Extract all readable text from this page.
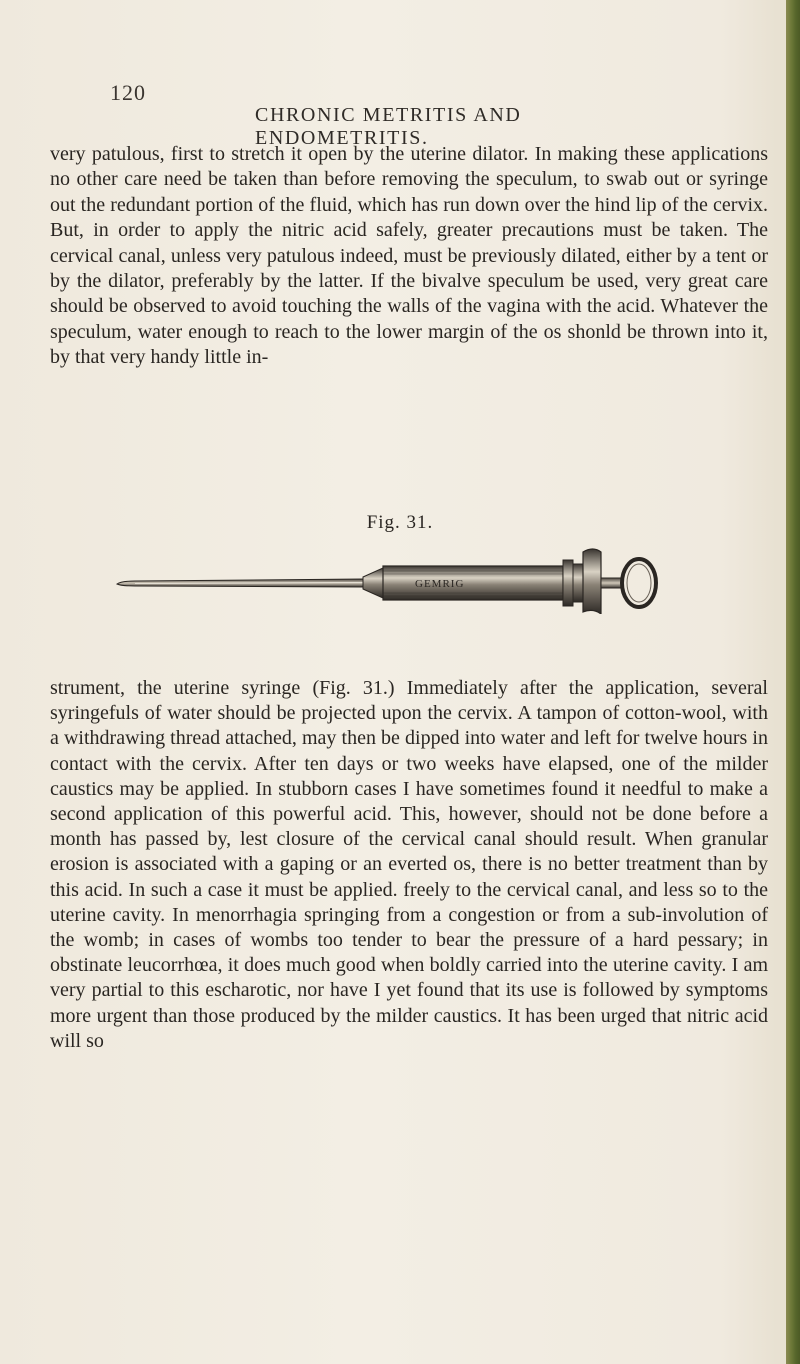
120
CHRONIC METRITIS AND ENDOMETRITIS.
very patulous, first to stretch it open by the uterine dilator. In making these applications no other care need be taken than before removing the speculum, to swab out or syringe out the redundant portion of the fluid, which has run down over the hind lip of the cervix. But, in order to apply the nitric acid safely, greater precautions must be taken. The cervical canal, unless very patulous indeed, must be previously dilated, either by a tent or by the dilator, preferably by the latter. If the bivalve speculum be used, very great care should be observed to avoid touching the walls of the vagina with the acid. Whatever the speculum, water enough to reach to the lower margin of the os shonld be thrown into it, by that very handy little in-
Fig. 31.
GEMRIG
strument, the uterine syringe (Fig. 31.) Immediately after the application, several syringefuls of water should be projected upon the cervix. A tampon of cotton-wool, with a withdrawing thread attached, may then be dipped into water and left for twelve hours in contact with the cervix. After ten days or two weeks have elapsed, one of the milder caustics may be applied. In stubborn cases I have sometimes found it needful to make a second application of this powerful acid. This, however, should not be done before a month has passed by, lest closure of the cervical canal should result. When granular erosion is associated with a gaping or an everted os, there is no better treatment than by this acid. In such a case it must be applied. freely to the cervical canal, and less so to the uterine cavity. In menorrhagia springing from a congestion or from a sub-involution of the womb; in cases of wombs too tender to bear the pressure of a hard pessary; in obstinate leucorrhœa, it does much good when boldly carried into the uterine cavity. I am very partial to this escharotic, nor have I yet found that its use is followed by symptoms more urgent than those produced by the milder caustics. It has been urged that nitric acid will so
